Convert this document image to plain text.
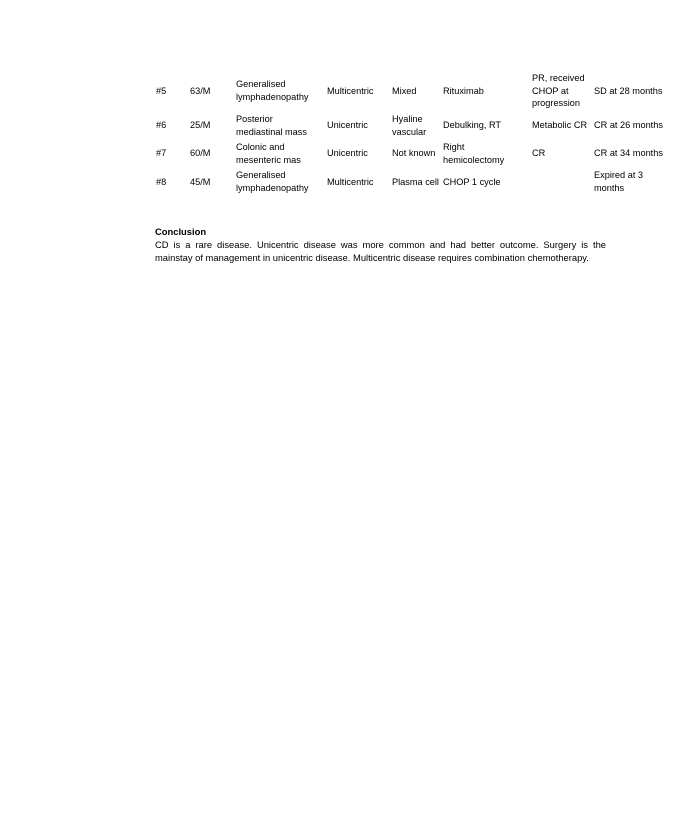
#5	63/M	Generalised
lymphadenopathy	Multicentric	Mixed	Rituximab	PR, received
CHOP at
progression	SD at 28 months
#6	25/M	Posterior
mediastinal mass	Unicentric	Hyaline
vascular	Debulking, RT	Metabolic CR	CR at 26 months
#7	60/M	Colonic and
mesenteric mas	Unicentric	Not known	Right
hemicolectomy	CR	CR at 34 months
#8	45/M	Generalised
lymphadenopathy	Multicentric	Plasma cell	CHOP 1 cycle		Expired at 3
months
Conclusion

CD is a rare disease. Unicentric disease was more common and had better outcome. Surgery is the mainstay of management in unicentric disease. Multicentric disease requires combination chemotherapy.
